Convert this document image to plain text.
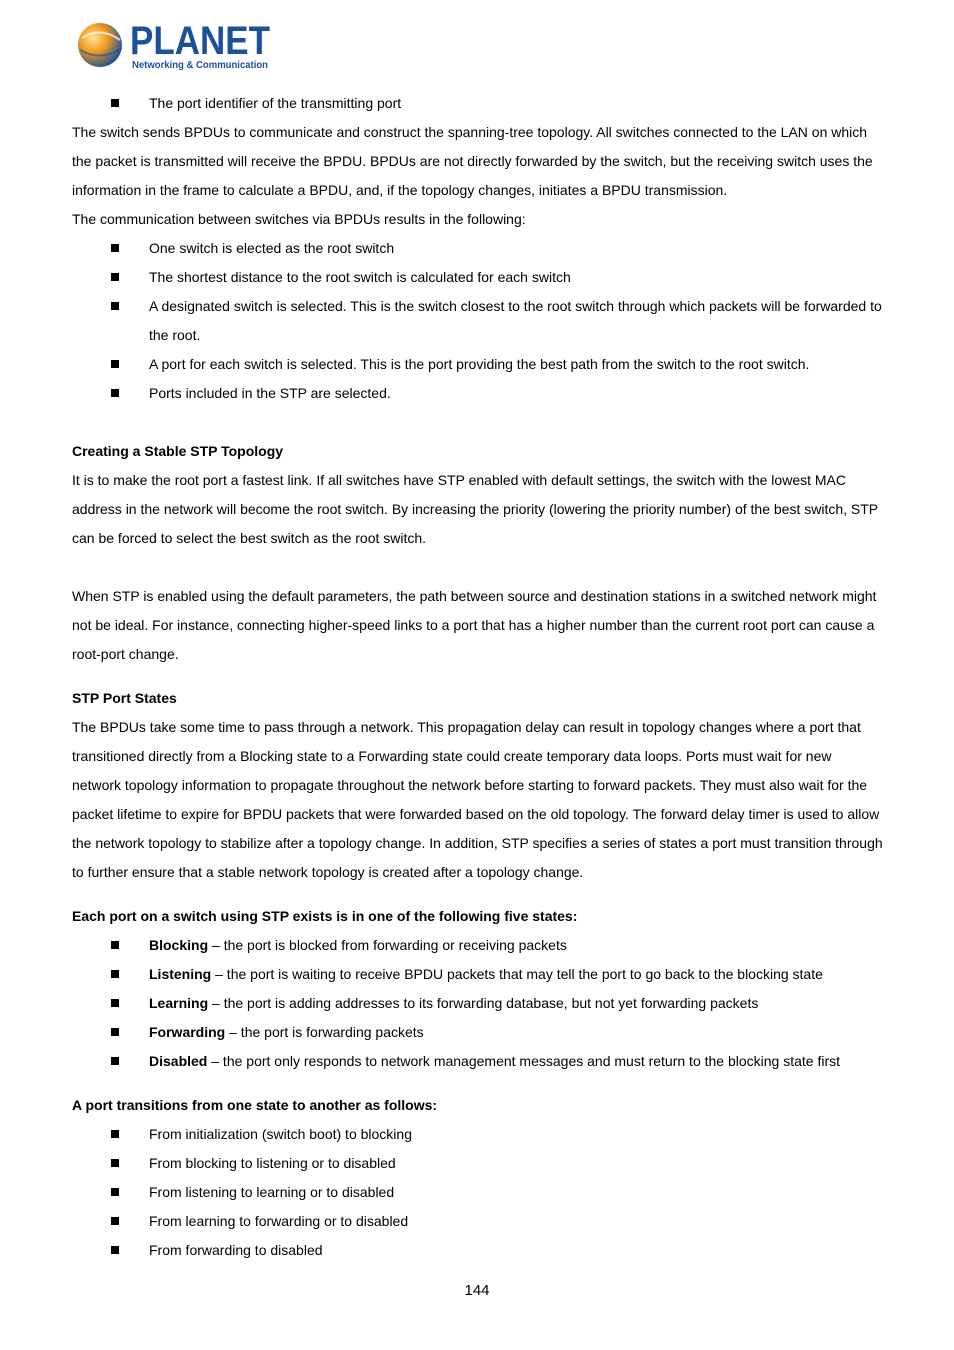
PLANET
Networking & Communication
The port identifier of the transmitting port

The switch sends BPDUs to communicate and construct the spanning-tree topology. All switches connected to the LAN on which the packet is transmitted will receive the BPDU. BPDUs are not directly forwarded by the switch, but the receiving switch uses the information in the frame to calculate a BPDU, and, if the topology changes, initiates a BPDU transmission.

The communication between switches via BPDUs results in the following:

One switch is elected as the root switch
The shortest distance to the root switch is calculated for each switch
A designated switch is selected. This is the switch closest to the root switch through which packets will be forwarded to the root.
A port for each switch is selected. This is the port providing the best path from the switch to the root switch.
Ports included in the STP are selected.

Creating a Stable STP Topology

It is to make the root port a fastest link. If all switches have STP enabled with default settings, the switch with the lowest MAC address in the network will become the root switch. By increasing the priority (lowering the priority number) of the best switch, STP can be forced to select the best switch as the root switch.

When STP is enabled using the default parameters, the path between source and destination stations in a switched network might not be ideal. For instance, connecting higher-speed links to a port that has a higher number than the current root port can cause a root-port change.

STP Port States

The BPDUs take some time to pass through a network. This propagation delay can result in topology changes where a port that transitioned directly from a Blocking state to a Forwarding state could create temporary data loops. Ports must wait for new network topology information to propagate throughout the network before starting to forward packets. They must also wait for the packet lifetime to expire for BPDU packets that were forwarded based on the old topology. The forward delay timer is used to allow the network topology to stabilize after a topology change. In addition, STP specifies a series of states a port must transition through to further ensure that a stable network topology is created after a topology change.

Each port on a switch using STP exists is in one of the following five states:

Blocking – the port is blocked from forwarding or receiving packets
Listening – the port is waiting to receive BPDU packets that may tell the port to go back to the blocking state
Learning – the port is adding addresses to its forwarding database, but not yet forwarding packets
Forwarding – the port is forwarding packets
Disabled – the port only responds to network management messages and must return to the blocking state first

A port transitions from one state to another as follows:

From initialization (switch boot) to blocking
From blocking to listening or to disabled
From listening to learning or to disabled
From learning to forwarding or to disabled
From forwarding to disabled
144
